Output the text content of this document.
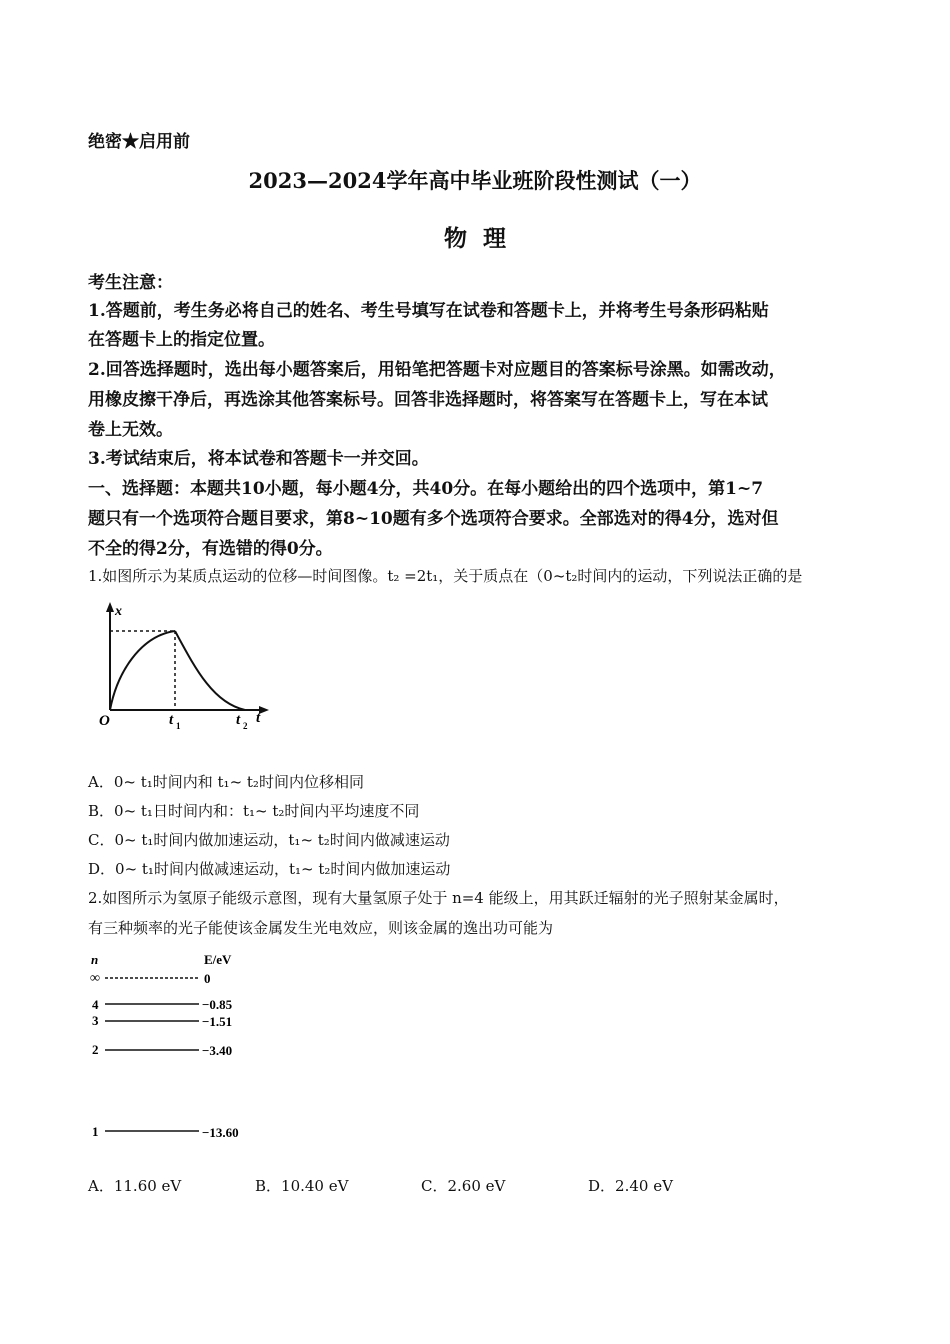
绝密★启用前
2023—2024学年高中毕业班阶段性测试（一）
物  理
考生注意：
1.答题前，考生务必将自己的姓名、考生号填写在试卷和答题卡上，并将考生号条形码粘贴
在答题卡上的指定位置。
2.回答选择题时，选出每小题答案后，用铅笔把答题卡对应题目的答案标号涂黑。如需改动，
用橡皮擦干净后，再选涂其他答案标号。回答非选择题时，将答案写在答题卡上，写在本试
卷上无效。
3.考试结束后，将本试卷和答题卡一并交回。
一、选择题：本题共10小题，每小题4分，共40分。在每小题给出的四个选项中，第1~7
题只有一个选项符合题目要求，第8~10题有多个选项符合要求。全部选对的得4分，选对但
不全的得2分，有选错的得0分。
1.如图所示为某质点运动的位移—时间图像。t₂ =2t₁，关于质点在（0~t₂时间内的运动，下列说法正确的是
x
O	t 1	t 2 t
A．0~ t₁时间内和 t₁~ t₂时间内位移相同
B．0~ t₁日时间内和：t₁~ t₂时间内平均速度不同
C．0~ t₁时间内做加速运动，t₁~ t₂时间内做减速运动
D．0~ t₁时间内做减速运动，t₁~ t₂时间内做加速运动
2.如图所示为氢原子能级示意图，现有大量氢原子处于 n=4 能级上，用其跃迁辐射的光子照射某金属时，
有三种频率的光子能使该金属发生光电效应，则该金属的逸出功可能为
n	E/eV
∞	0
4	−0.85
3	−1.51
2	−3.40
1	−13.60
A．11.60 eV	B．10.40 eV	C．2.60 eV	D．2.40 eV
